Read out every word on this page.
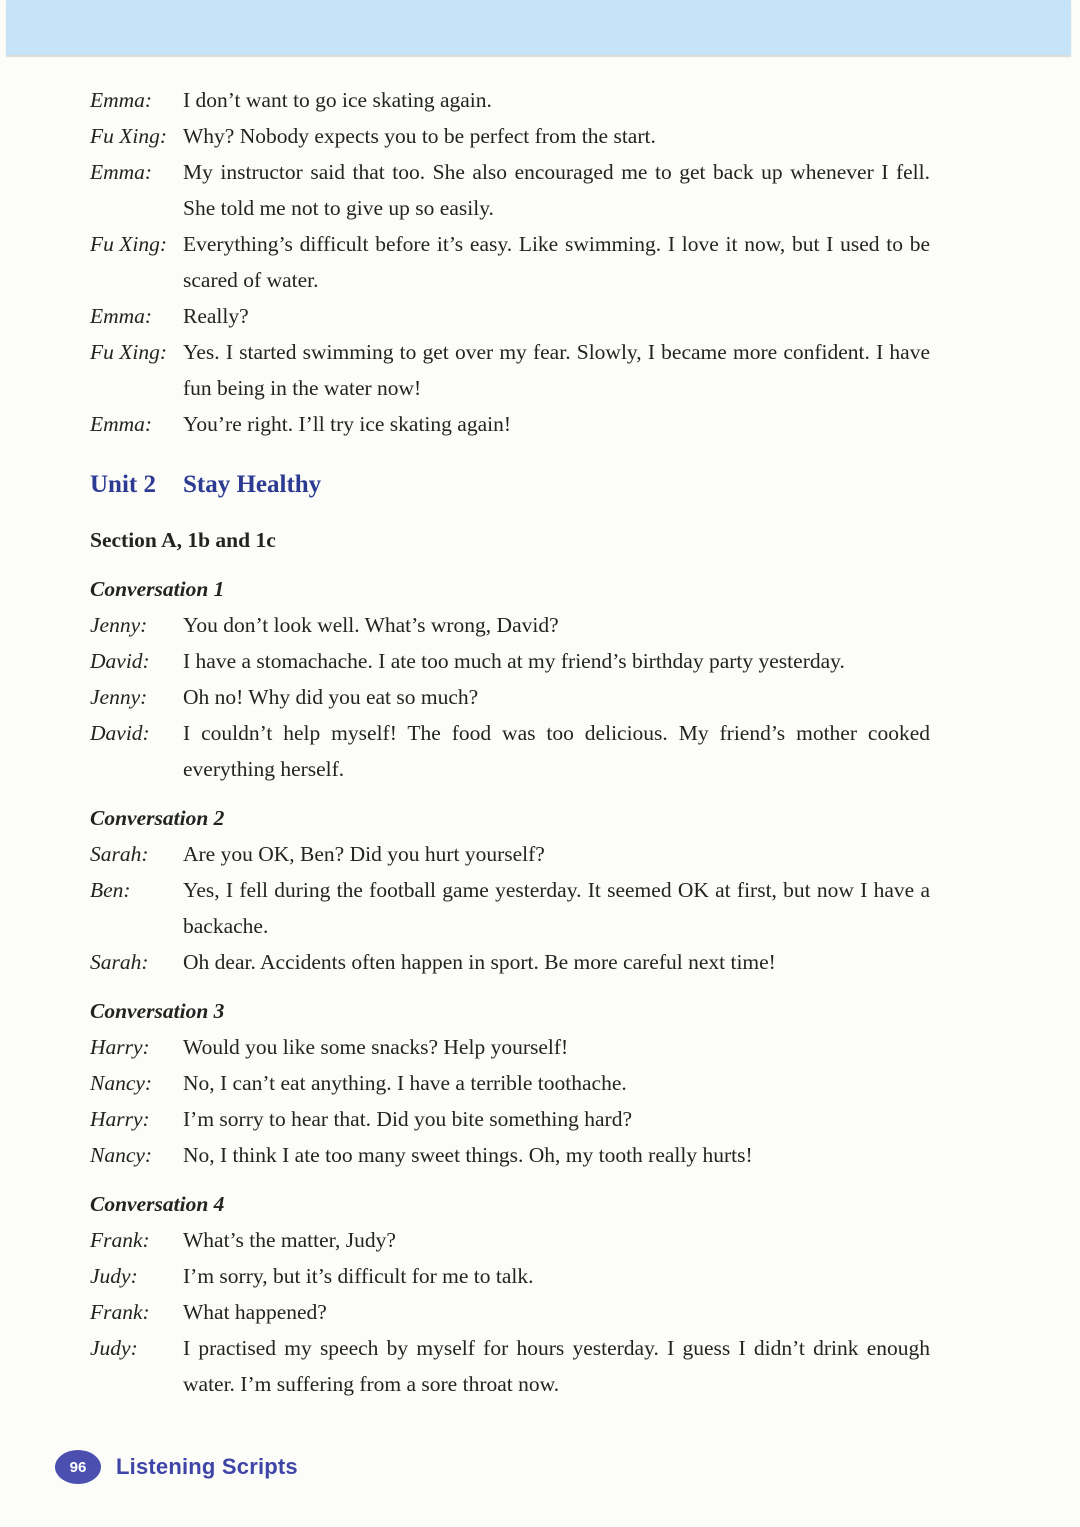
Emma:	I don’t want to go ice skating again.
Fu Xing: Why? Nobody expects you to be perfect from the start.
Emma:	My instructor said that too. She also encouraged me to get back up whenever I fell. She told me not to give up so easily.
Fu Xing: Everything’s difficult before it’s easy. Like swimming. I love it now, but I used to be scared of water.
Emma:	Really?
Fu Xing: Yes. I started swimming to get over my fear. Slowly, I became more confident. I have fun being in the water now!
Emma:	You’re right. I’ll try ice skating again!
Unit 2 Stay Healthy
Section A, 1b and 1c
Conversation 1
Jenny:	You don’t look well. What’s wrong, David?
David:	I have a stomachache. I ate too much at my friend’s birthday party yesterday.
Jenny:	Oh no! Why did you eat so much?
David:	I couldn’t help myself! The food was too delicious. My friend’s mother cooked everything herself.
Conversation 2
Sarah:	Are you OK, Ben? Did you hurt yourself?
Ben:	Yes, I fell during the football game yesterday. It seemed OK at first, but now I have a backache.
Sarah:	Oh dear. Accidents often happen in sport. Be more careful next time!
Conversation 3
Harry:	Would you like some snacks? Help yourself!
Nancy:	No, I can’t eat anything. I have a terrible toothache.
Harry:	I’m sorry to hear that. Did you bite something hard?
Nancy:	No, I think I ate too many sweet things. Oh, my tooth really hurts!
Conversation 4
Frank:	What’s the matter, Judy?
Judy:	I’m sorry, but it’s difficult for me to talk.
Frank:	What happened?
Judy:	I practised my speech by myself for hours yesterday. I guess I didn’t drink enough water. I’m suffering from a sore throat now.
96	Listening Scripts
